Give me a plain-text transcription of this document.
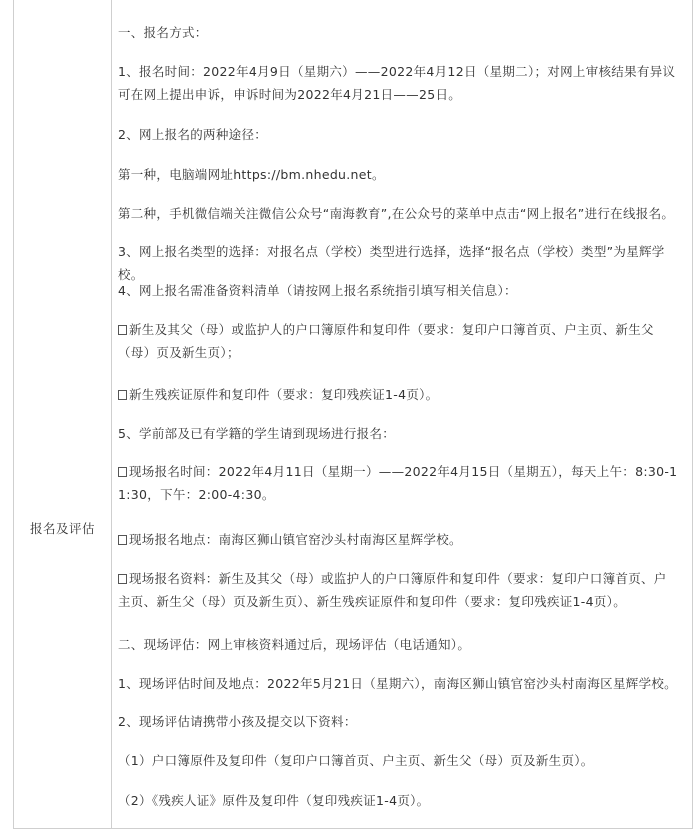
报名及评估
一、报名方式：
1、报名时间：2022年4月9日（星期六）——2022年4月12日（星期二）；对网上审核结果有异议可在网上提出申诉，申诉时间为2022年4月21日——25日。
2、网上报名的两种途径：
第一种，电脑端网址https://bm.nhedu.net。
第二种，手机微信端关注微信公众号“南海教育”,在公众号的菜单中点击“网上报名”进行在线报名。
3、网上报名类型的选择：对报名点（学校）类型进行选择，选择“报名点（学校）类型”为星辉学校。
4、网上报名需准备资料清单（请按网上报名系统指引填写相关信息）：
新生及其父（母）或监护人的户口簿原件和复印件（要求：复印户口簿首页、户主页、新生父（母）页及新生页）；
新生残疾证原件和复印件（要求：复印残疾证1-4页）。
5、学前部及已有学籍的学生请到现场进行报名：
现场报名时间：2022年4月11日（星期一）——2022年4月15日（星期五），每天上午：8:30-11:30，下午：2:00-4:30。
现场报名地点：南海区狮山镇官窑沙头村南海区星辉学校。
现场报名资料：新生及其父（母）或监护人的户口簿原件和复印件（要求：复印户口簿首页、户主页、新生父（母）页及新生页）、新生残疾证原件和复印件（要求：复印残疾证1-4页）。
二、现场评估：网上审核资料通过后，现场评估（电话通知）。
1、现场评估时间及地点：2022年5月21日（星期六），南海区狮山镇官窑沙头村南海区星辉学校。
2、现场评估请携带小孩及提交以下资料：
（1）户口簿原件及复印件（复印户口簿首页、户主页、新生父（母）页及新生页）。
（2）《残疾人证》原件及复印件（复印残疾证1-4页）。
